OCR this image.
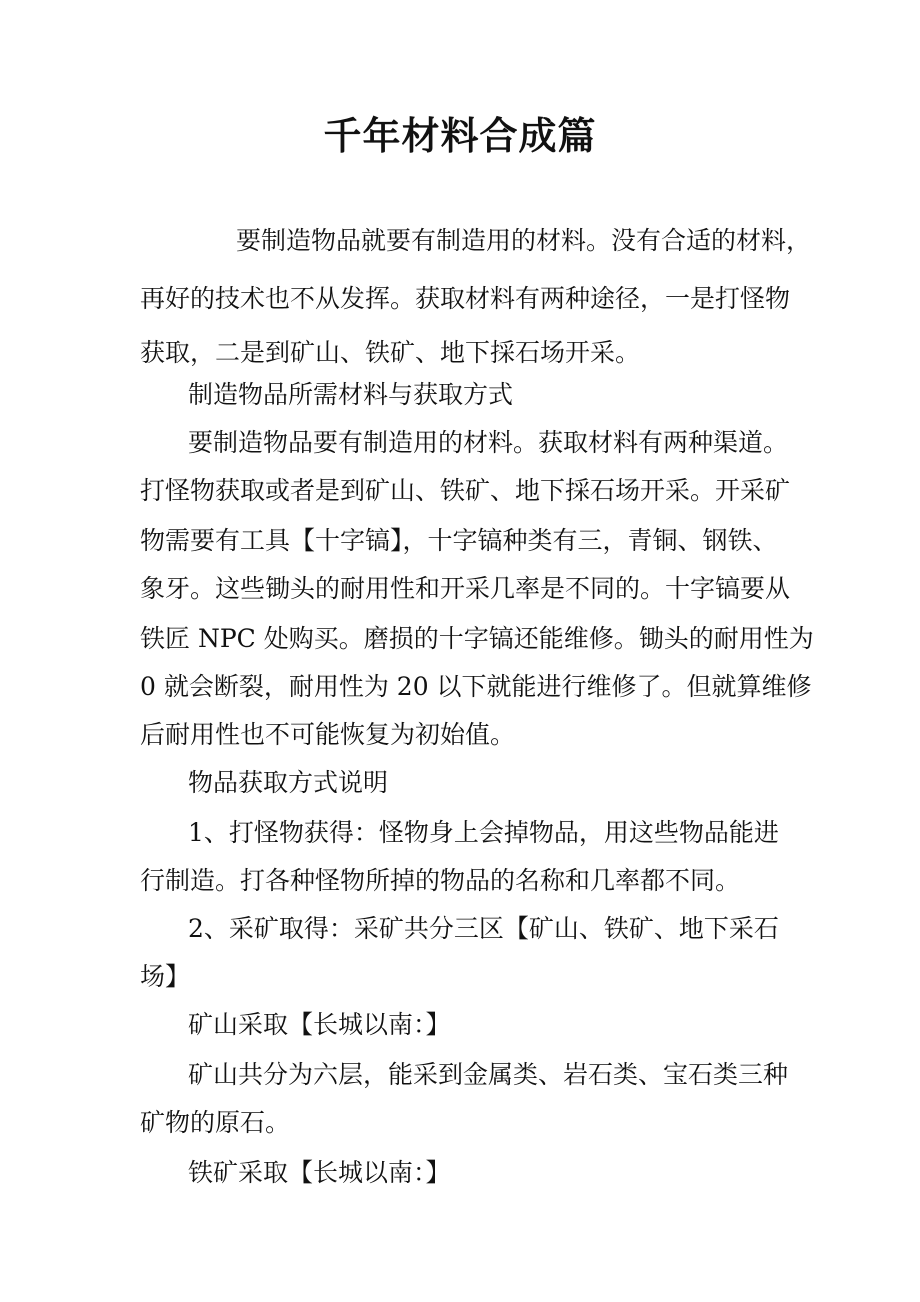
千年材料合成篇
要制造物品就要有制造用的材料。没有合适的材料，
再好的技术也不从发挥。获取材料有两种途径，一是打怪物
获取，二是到矿山、铁矿、地下採石场开采。
制造物品所需材料与获取方式
要制造物品要有制造用的材料。获取材料有两种渠道。
打怪物获取或者是到矿山、铁矿、地下採石场开采。开采矿
物需要有工具【十字镐】，十字镐种类有三，青铜、钢铁、
象牙。这些锄头的耐用性和开采几率是不同的。十字镐要从
铁匠 NPC 处购买。磨损的十字镐还能维修。锄头的耐用性为
0 就会断裂，耐用性为 20 以下就能进行维修了。但就算维修
后耐用性也不可能恢复为初始值。
物品获取方式说明
1、打怪物获得：怪物身上会掉物品，用这些物品能进
行制造。打各种怪物所掉的物品的名称和几率都不同。
2、采矿取得：采矿共分三区【矿山、铁矿、地下采石
场】
矿山采取【长城以南：】
矿山共分为六层，能采到金属类、岩石类、宝石类三种
矿物的原石。
铁矿采取【长城以南：】
